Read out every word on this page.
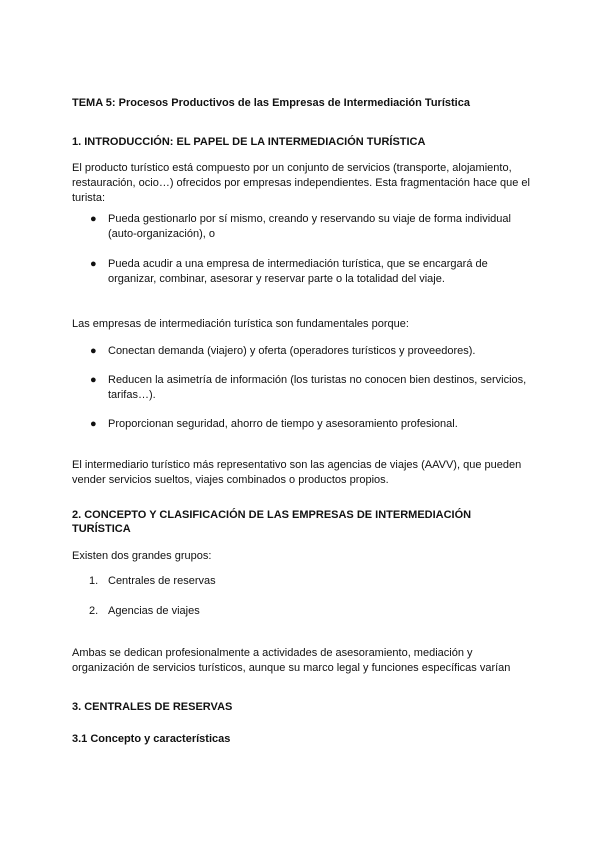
TEMA 5: Procesos Productivos de las Empresas de Intermediación Turística

1. INTRODUCCIÓN: EL PAPEL DE LA INTERMEDIACIÓN TURÍSTICA

El producto turístico está compuesto por un conjunto de servicios (transporte, alojamiento, restauración, ocio…) ofrecidos por empresas independientes. Esta fragmentación hace que el turista:

● Pueda gestionarlo por sí mismo, creando y reservando su viaje de forma individual (auto-organización), o
● Pueda acudir a una empresa de intermediación turística, que se encargará de organizar, combinar, asesorar y reservar parte o la totalidad del viaje.

Las empresas de intermediación turística son fundamentales porque:

● Conectan demanda (viajero) y oferta (operadores turísticos y proveedores).
● Reducen la asimetría de información (los turistas no conocen bien destinos, servicios, tarifas…).
● Proporcionan seguridad, ahorro de tiempo y asesoramiento profesional.

El intermediario turístico más representativo son las agencias de viajes (AAVV), que pueden vender servicios sueltos, viajes combinados o productos propios.

2. CONCEPTO Y CLASIFICACIÓN DE LAS EMPRESAS DE INTERMEDIACIÓN TURÍSTICA

Existen dos grandes grupos:

1. Centrales de reservas
2. Agencias de viajes

Ambas se dedican profesionalmente a actividades de asesoramiento, mediación y organización de servicios turísticos, aunque su marco legal y funciones específicas varían

3. CENTRALES DE RESERVAS

3.1 Concepto y características
